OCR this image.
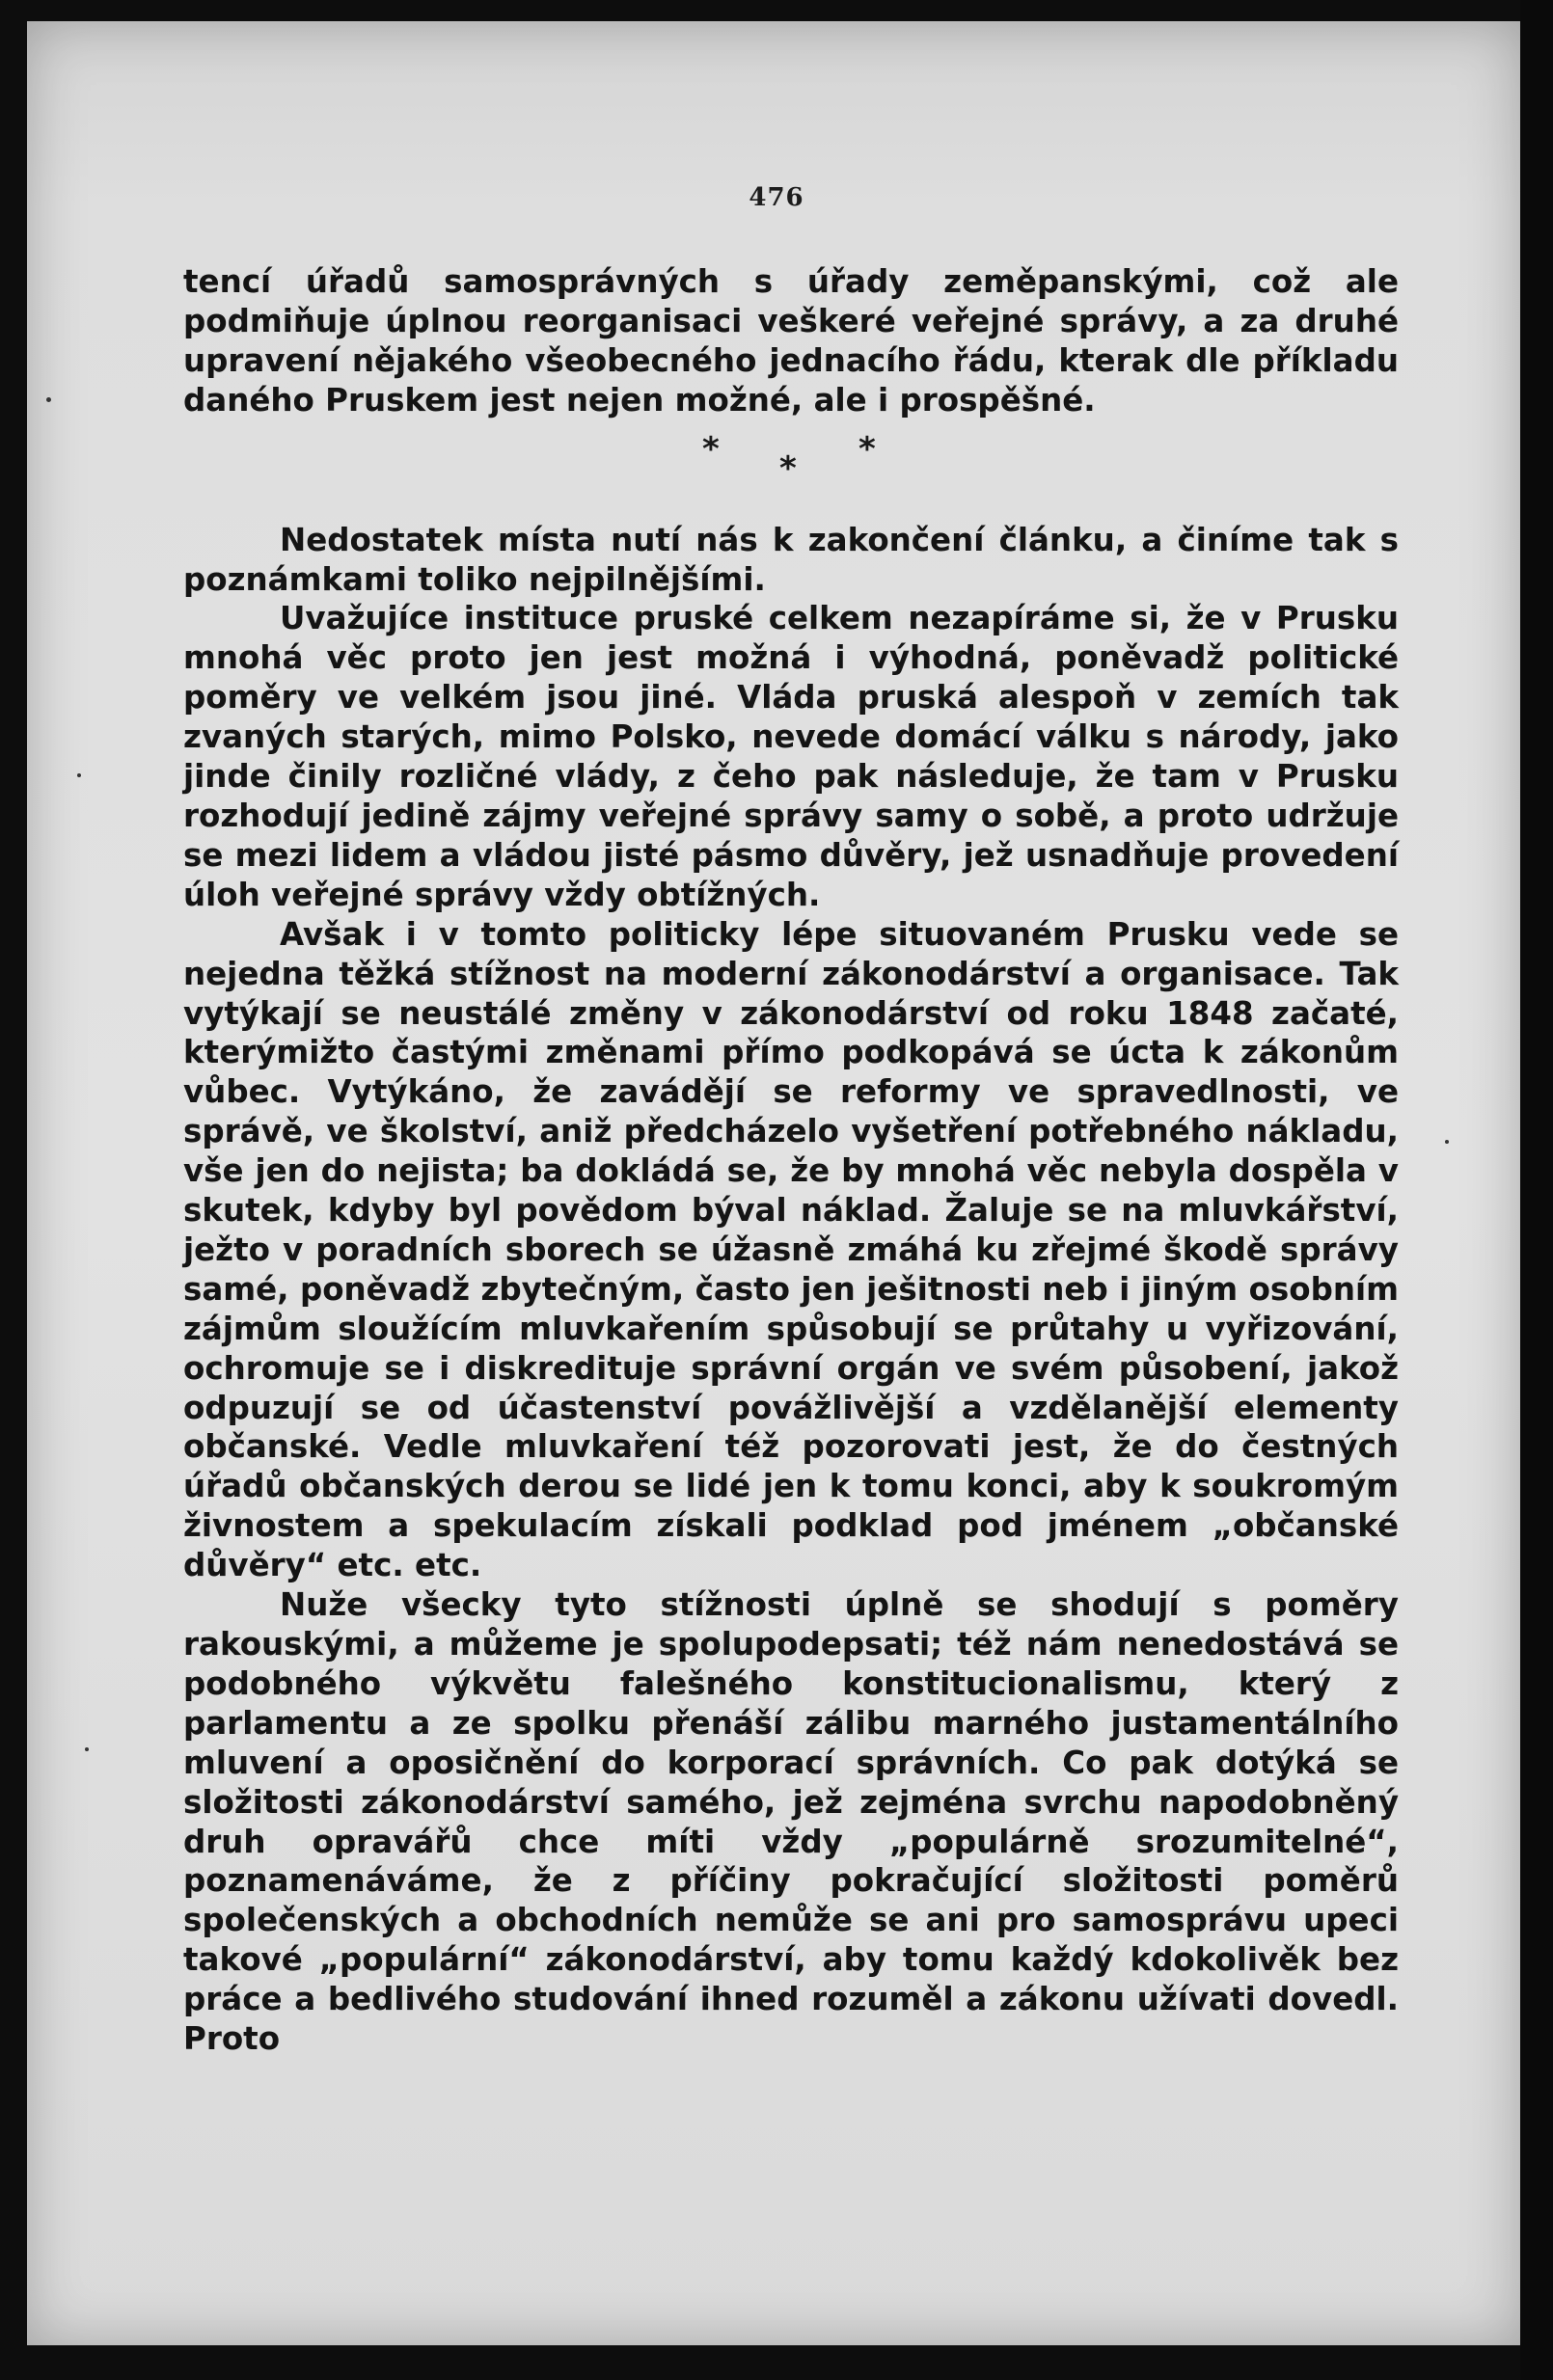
476

tencí úřadů samosprávných s úřady zeměpanskými, což ale podmiňuje úplnou reorganisaci veškeré veřejné správy, a za druhé upravení nějakého všeobecného jednacího řádu, kterak dle příkladu daného Pruskem jest nejen možné, ale i prospěšné.

* * *

Nedostatek místa nutí nás k zakončení článku, a činíme tak s poznámkami toliko nejpilnějšími.

Uvažujíce instituce pruské celkem nezapíráme si, že v Prusku mnohá věc proto jen jest možná i výhodná, poněvadž politické poměry ve velkém jsou jiné. Vláda pruská alespoň v zemích tak zvaných starých, mimo Polsko, nevede domácí válku s národy, jako jinde činily rozličné vlády, z čeho pak následuje, že tam v Prusku rozhodují jedině zájmy veřejné správy samy o sobě, a proto udržuje se mezi lidem a vládou jisté pásmo důvěry, jež usnadňuje provedení úloh veřejné správy vždy obtížných.

Avšak i v tomto politicky lépe situovaném Prusku vede se nejedna těžká stížnost na moderní zákonodárství a organisace. Tak vytýkají se neustálé změny v zákonodárství od roku 1848 začaté, kterýmižto častými změnami přímo podkopává se úcta k zákonům vůbec. Vytýkáno, že zavádějí se reformy ve spravedlnosti, ve správě, ve školství, aniž předcházelo vyšetření potřebného nákladu, vše jen do nejista; ba dokládá se, že by mnohá věc nebyla dospěla v skutek, kdyby byl povědom býval náklad. Žaluje se na mluvkářství, ježto v poradních sborech se úžasně zmáhá ku zřejmé škodě správy samé, poněvadž zbytečným, často jen ješitnosti neb i jiným osobním zájmům sloužícím mluvkařením spůsobují se průtahy u vyřizování, ochromuje se i diskredituje správní orgán ve svém působení, jakož odpuzují se od účastenství povážlivější a vzdělanější elementy občanské. Vedle mluvkaření též pozorovati jest, že do čestných úřadů občanských derou se lidé jen k tomu konci, aby k soukromým živnostem a spekulacím získali podklad pod jménem „občanské důvěry“ etc. etc.

Nuže všecky tyto stížnosti úplně se shodují s poměry rakouskými, a můžeme je spolupodepsati; též nám nenedostává se podobného výkvětu falešného konstitucionalismu, který z parlamentu a ze spolku přenáší zálibu marného justamentálního mluvení a oposičnění do korporací správních. Co pak dotýká se složitosti zákonodárství samého, jež zejména svrchu napodobněný druh opravářů chce míti vždy „populárně srozumitelné“, poznamenáváme, že z příčiny pokračující složitosti poměrů společenských a obchodních nemůže se ani pro samosprávu upeci takové „populární“ zákonodárství, aby tomu každý kdokolivěk bez práce a bedlivého studování ihned rozuměl a zákonu užívati dovedl. Proto
